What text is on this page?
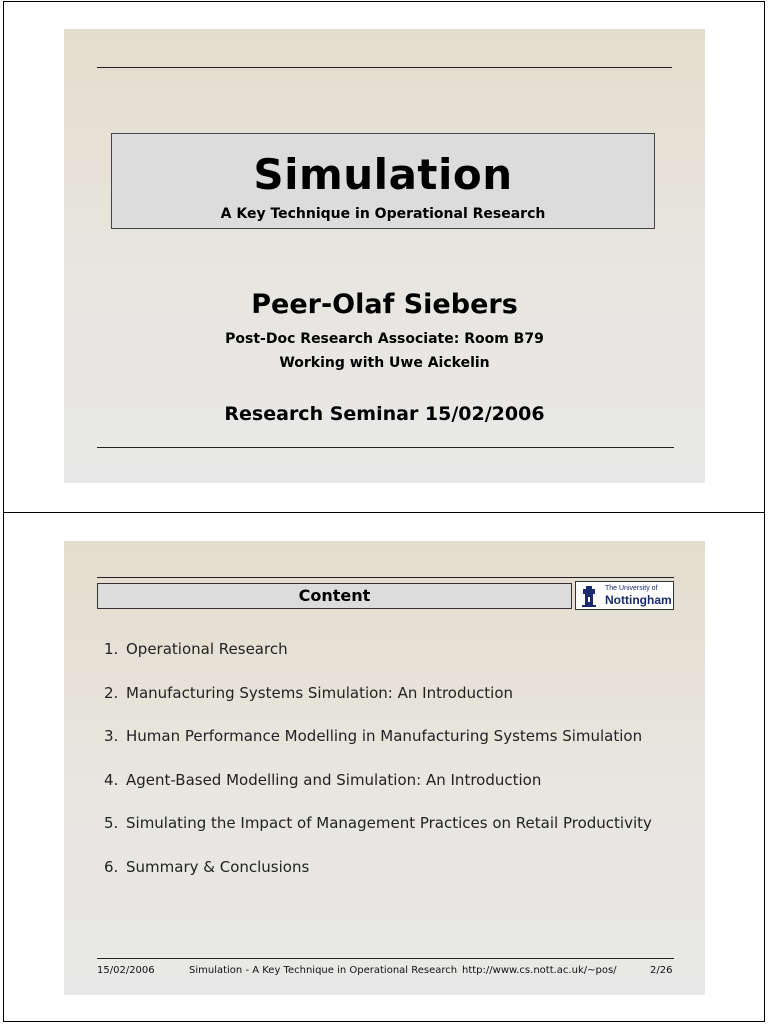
Simulation
A Key Technique in Operational Research
Peer-Olaf Siebers
Post-Doc Research Associate: Room B79
Working with Uwe Aickelin
Research Seminar 15/02/2006
Content	The University of
Nottingham
1. Operational Research
2. Manufacturing Systems Simulation: An Introduction
3. Human Performance Modelling in Manufacturing Systems Simulation
4. Agent-Based Modelling and Simulation: An Introduction
5. Simulating the Impact of Management Practices on Retail Productivity
6. Summary & Conclusions
15/02/2006	Simulation - A Key Technique in Operational Research http://www.cs.nott.ac.uk/~pos/	2/26
